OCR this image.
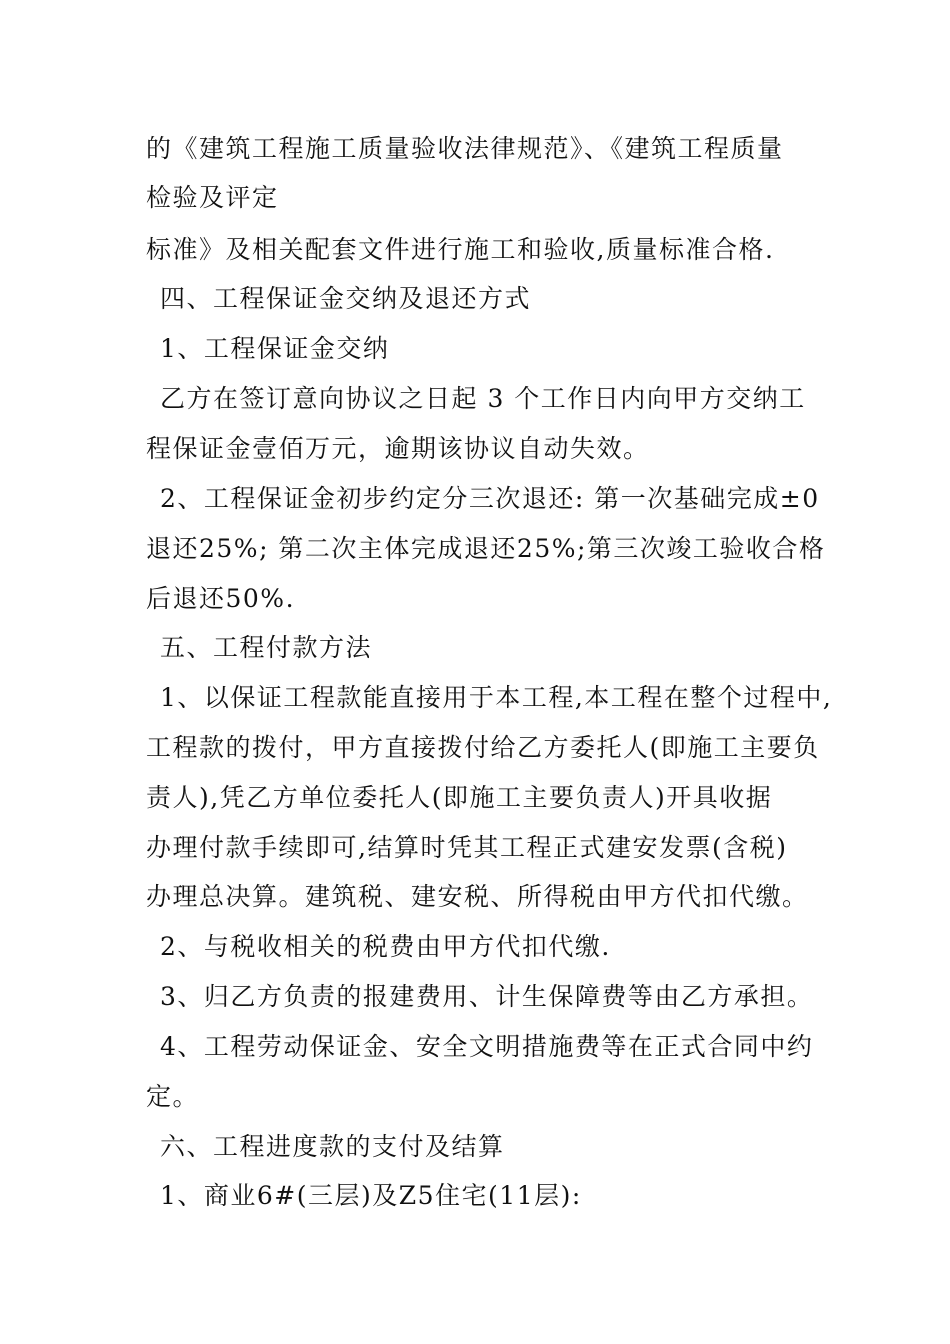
的《建筑工程施工质量验收法律规范》、《建筑工程质量
检验及评定
标准》及相关配套文件进行施工和验收,质量标准合格.
四、工程保证金交纳及退还方式
1、工程保证金交纳
乙方在签订意向协议之日起 3 个工作日内向甲方交纳工
程保证金壹佰万元，逾期该协议自动失效。
2、工程保证金初步约定分三次退还: 第一次基础完成±0
退还25%; 第二次主体完成退还25%;第三次竣工验收合格
后退还50%.
五、工程付款方法
1、以保证工程款能直接用于本工程,本工程在整个过程中,
工程款的拨付，甲方直接拨付给乙方委托人(即施工主要负
责人),凭乙方单位委托人(即施工主要负责人)开具收据
办理付款手续即可,结算时凭其工程正式建安发票(含税)
办理总决算。建筑税、建安税、所得税由甲方代扣代缴。
2、与税收相关的税费由甲方代扣代缴.
3、归乙方负责的报建费用、计生保障费等由乙方承担。
4、工程劳动保证金、安全文明措施费等在正式合同中约
定。
六、工程进度款的支付及结算
1、商业6#(三层)及Z5住宅(11层):
